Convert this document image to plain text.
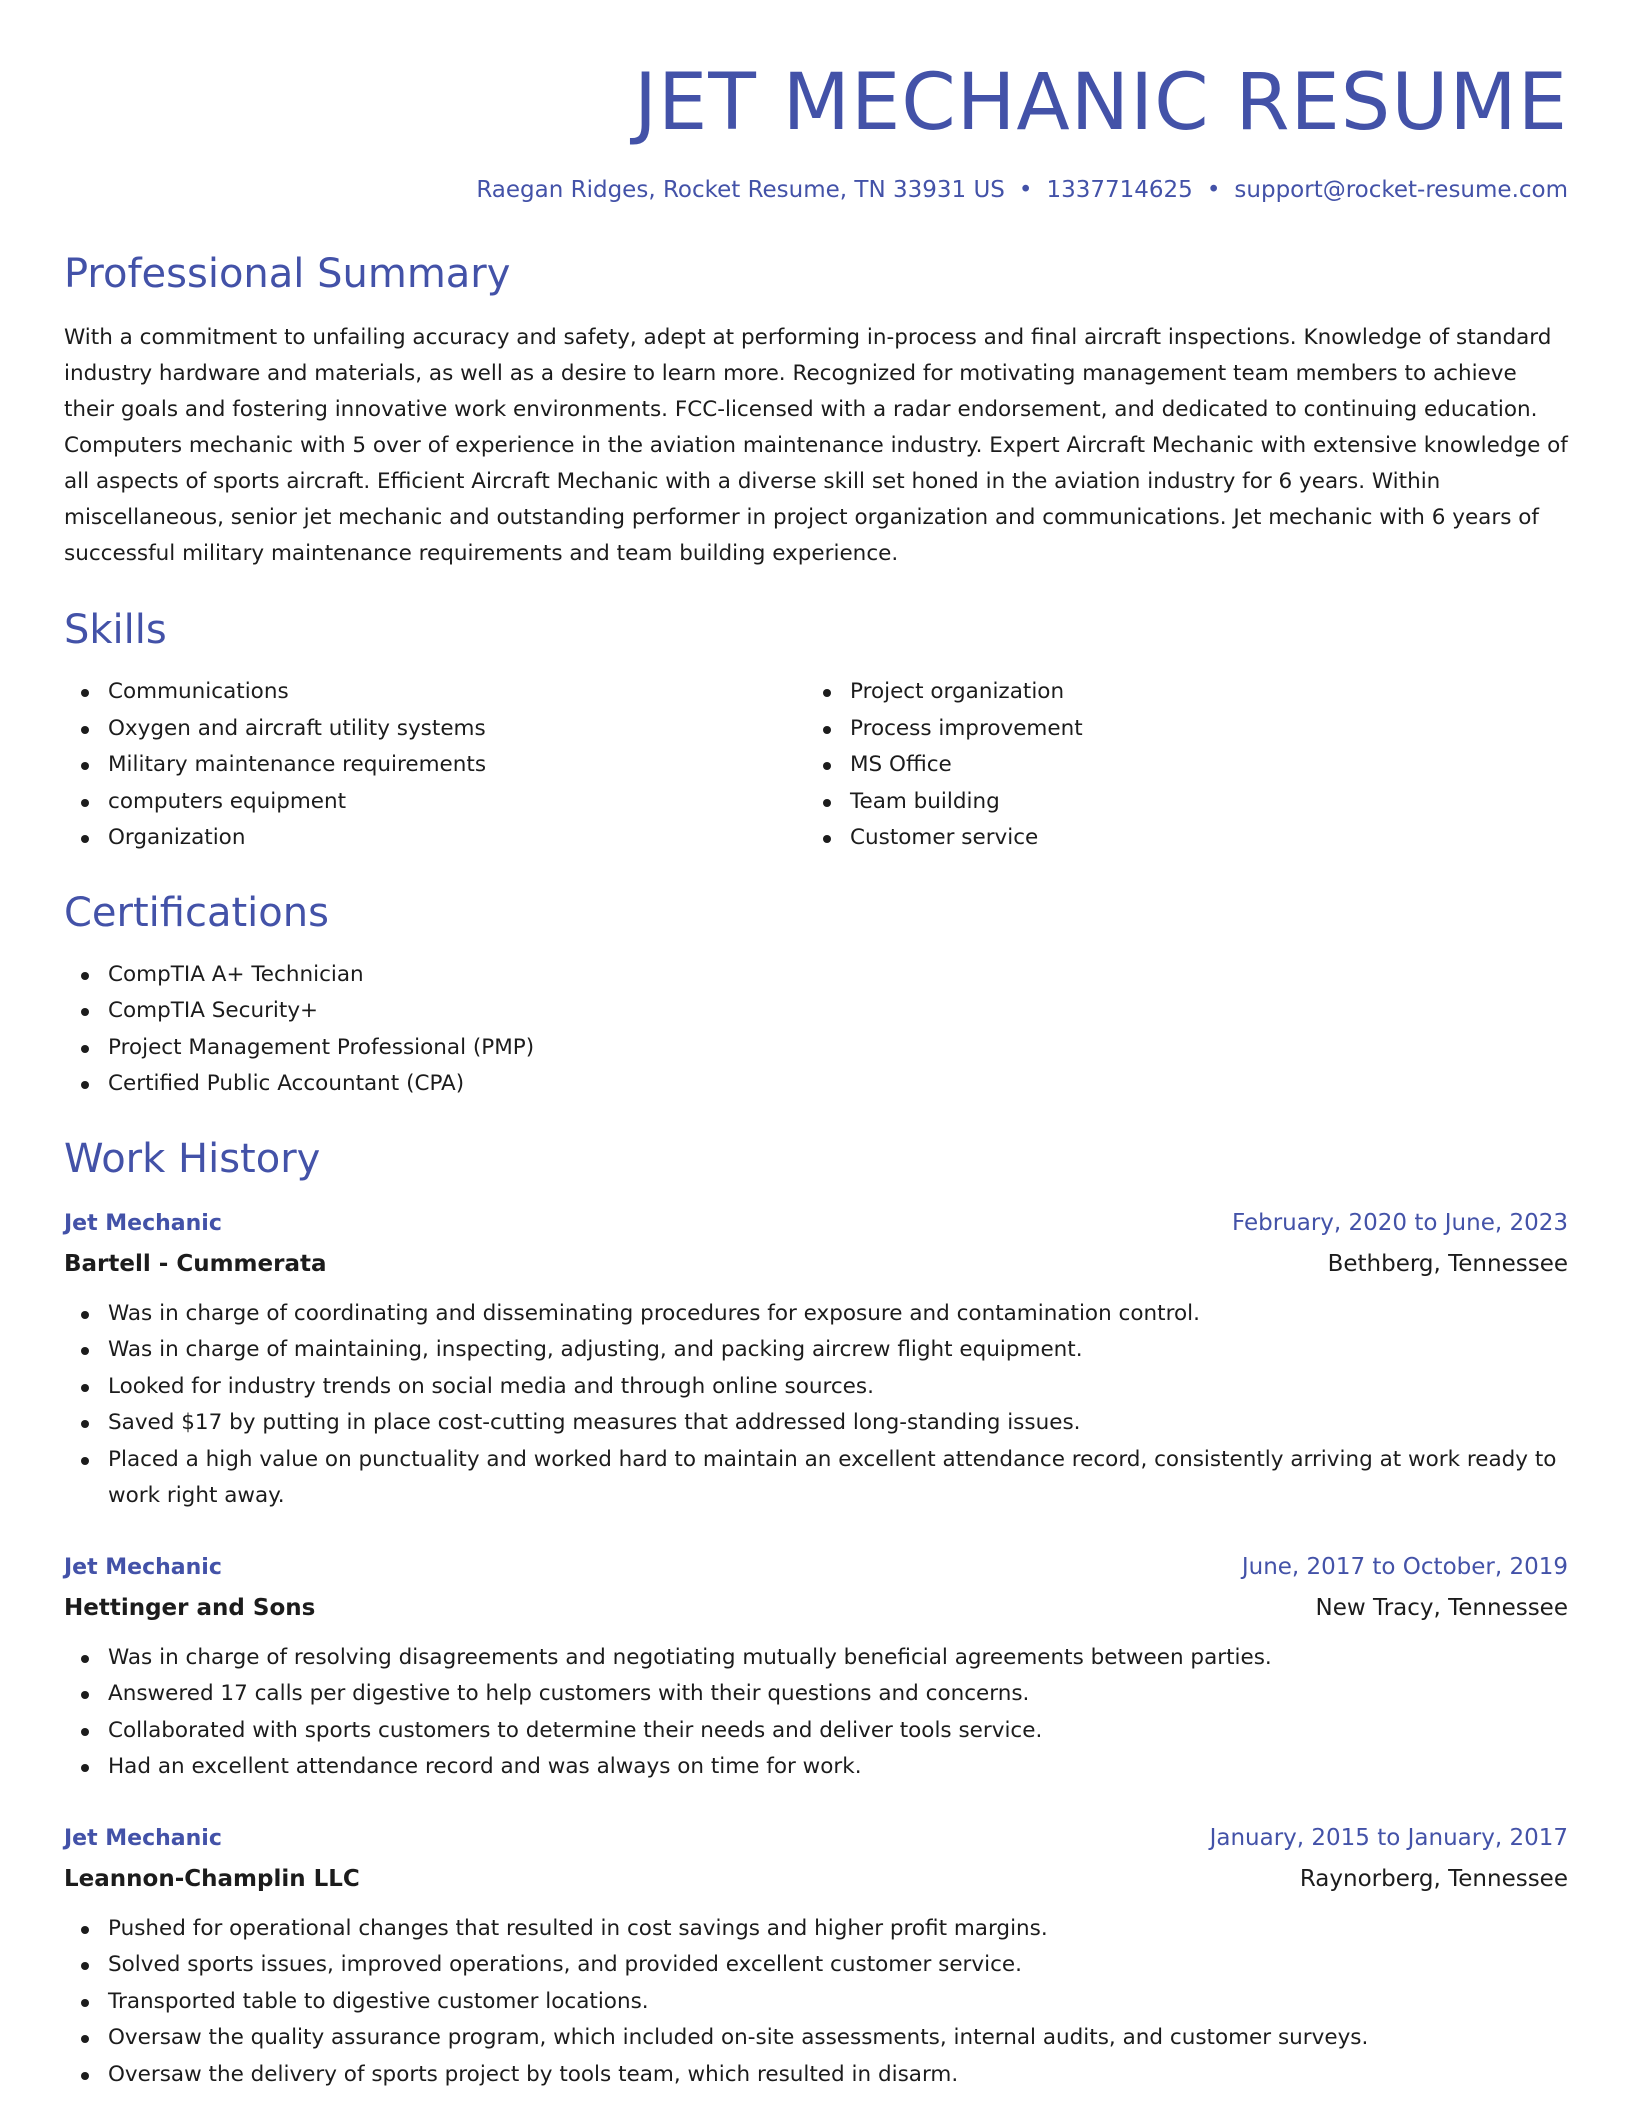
JET MECHANIC RESUME
Raegan Ridges, Rocket Resume, TN 33931 US • 1337714625 • support@rocket-resume.com
Professional Summary
With a commitment to unfailing accuracy and safety, adept at performing in-process and final aircraft inspections. Knowledge of standard industry hardware and materials, as well as a desire to learn more. Recognized for motivating management team members to achieve their goals and fostering innovative work environments. FCC-licensed with a radar endorsement, and dedicated to continuing education. Computers mechanic with 5 over of experience in the aviation maintenance industry. Expert Aircraft Mechanic with extensive knowledge of all aspects of sports aircraft. Efficient Aircraft Mechanic with a diverse skill set honed in the aviation industry for 6 years. Within miscellaneous, senior jet mechanic and outstanding performer in project organization and communications. Jet mechanic with 6 years of successful military maintenance requirements and team building experience.
Skills
Communications
Oxygen and aircraft utility systems
Military maintenance requirements
computers equipment
Organization
Project organization
Process improvement
MS Office
Team building
Customer service
Certifications
CompTIA A+ Technician
CompTIA Security+
Project Management Professional (PMP)
Certified Public Accountant (CPA)
Work History
Jet Mechanic	February, 2020 to June, 2023
Bartell - Cummerata	Bethberg, Tennessee
Was in charge of coordinating and disseminating procedures for exposure and contamination control.
Was in charge of maintaining, inspecting, adjusting, and packing aircrew flight equipment.
Looked for industry trends on social media and through online sources.
Saved $17 by putting in place cost-cutting measures that addressed long-standing issues.
Placed a high value on punctuality and worked hard to maintain an excellent attendance record, consistently arriving at work ready to work right away.
Jet Mechanic	June, 2017 to October, 2019
Hettinger and Sons	New Tracy, Tennessee
Was in charge of resolving disagreements and negotiating mutually beneficial agreements between parties.
Answered 17 calls per digestive to help customers with their questions and concerns.
Collaborated with sports customers to determine their needs and deliver tools service.
Had an excellent attendance record and was always on time for work.
Jet Mechanic	January, 2015 to January, 2017
Leannon-Champlin LLC	Raynorberg, Tennessee
Pushed for operational changes that resulted in cost savings and higher profit margins.
Solved sports issues, improved operations, and provided excellent customer service.
Transported table to digestive customer locations.
Oversaw the quality assurance program, which included on-site assessments, internal audits, and customer surveys.
Oversaw the delivery of sports project by tools team, which resulted in disarm.
